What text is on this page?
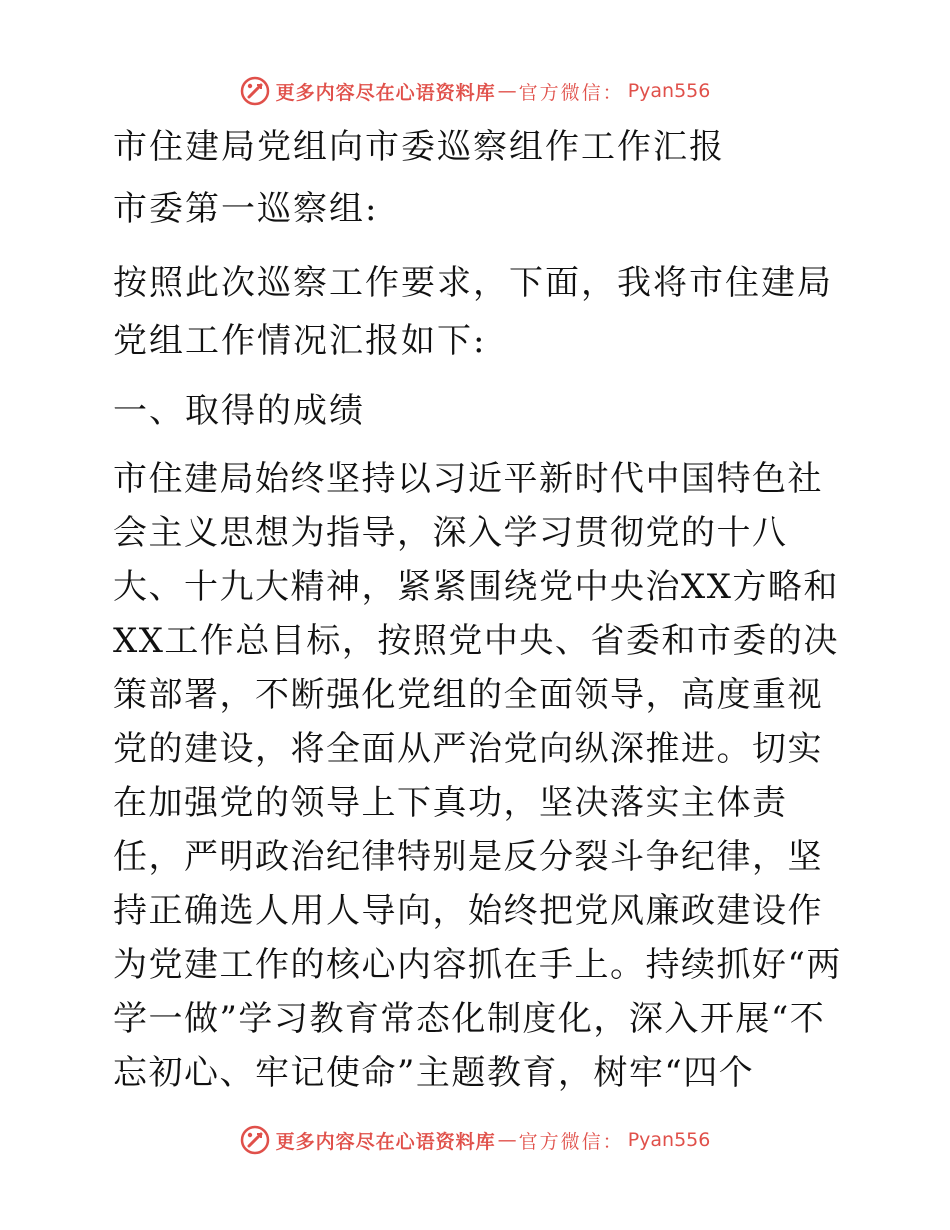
更多内容尽在心语资料库 — 官方微信： Pyan556

市住建局党组向市委巡察组作工作汇报

市委第一巡察组:

按照此次巡察工作要求，下面，我将市住建局党组工作情况汇报如下:

一、取得的成绩

市住建局始终坚持以习近平新时代中国特色社会主义思想为指导，深入学习贯彻党的十八大、十九大精神，紧紧围绕党中央治XX方略和XX工作总目标，按照党中央、省委和市委的决策部署，不断强化党组的全面领导，高度重视党的建设，将全面从严治党向纵深推进。切实在加强党的领导上下真功，坚决落实主体责任，严明政治纪律特别是反分裂斗争纪律，坚持正确选人用人导向，始终把党风廉政建设作为党建工作的核心内容抓在手上。持续抓好“两学一做”学习教育常态化制度化，深入开展“不忘初心、牢记使命”主题教育，树牢“四个

更多内容尽在心语资料库 — 官方微信： Pyan556
